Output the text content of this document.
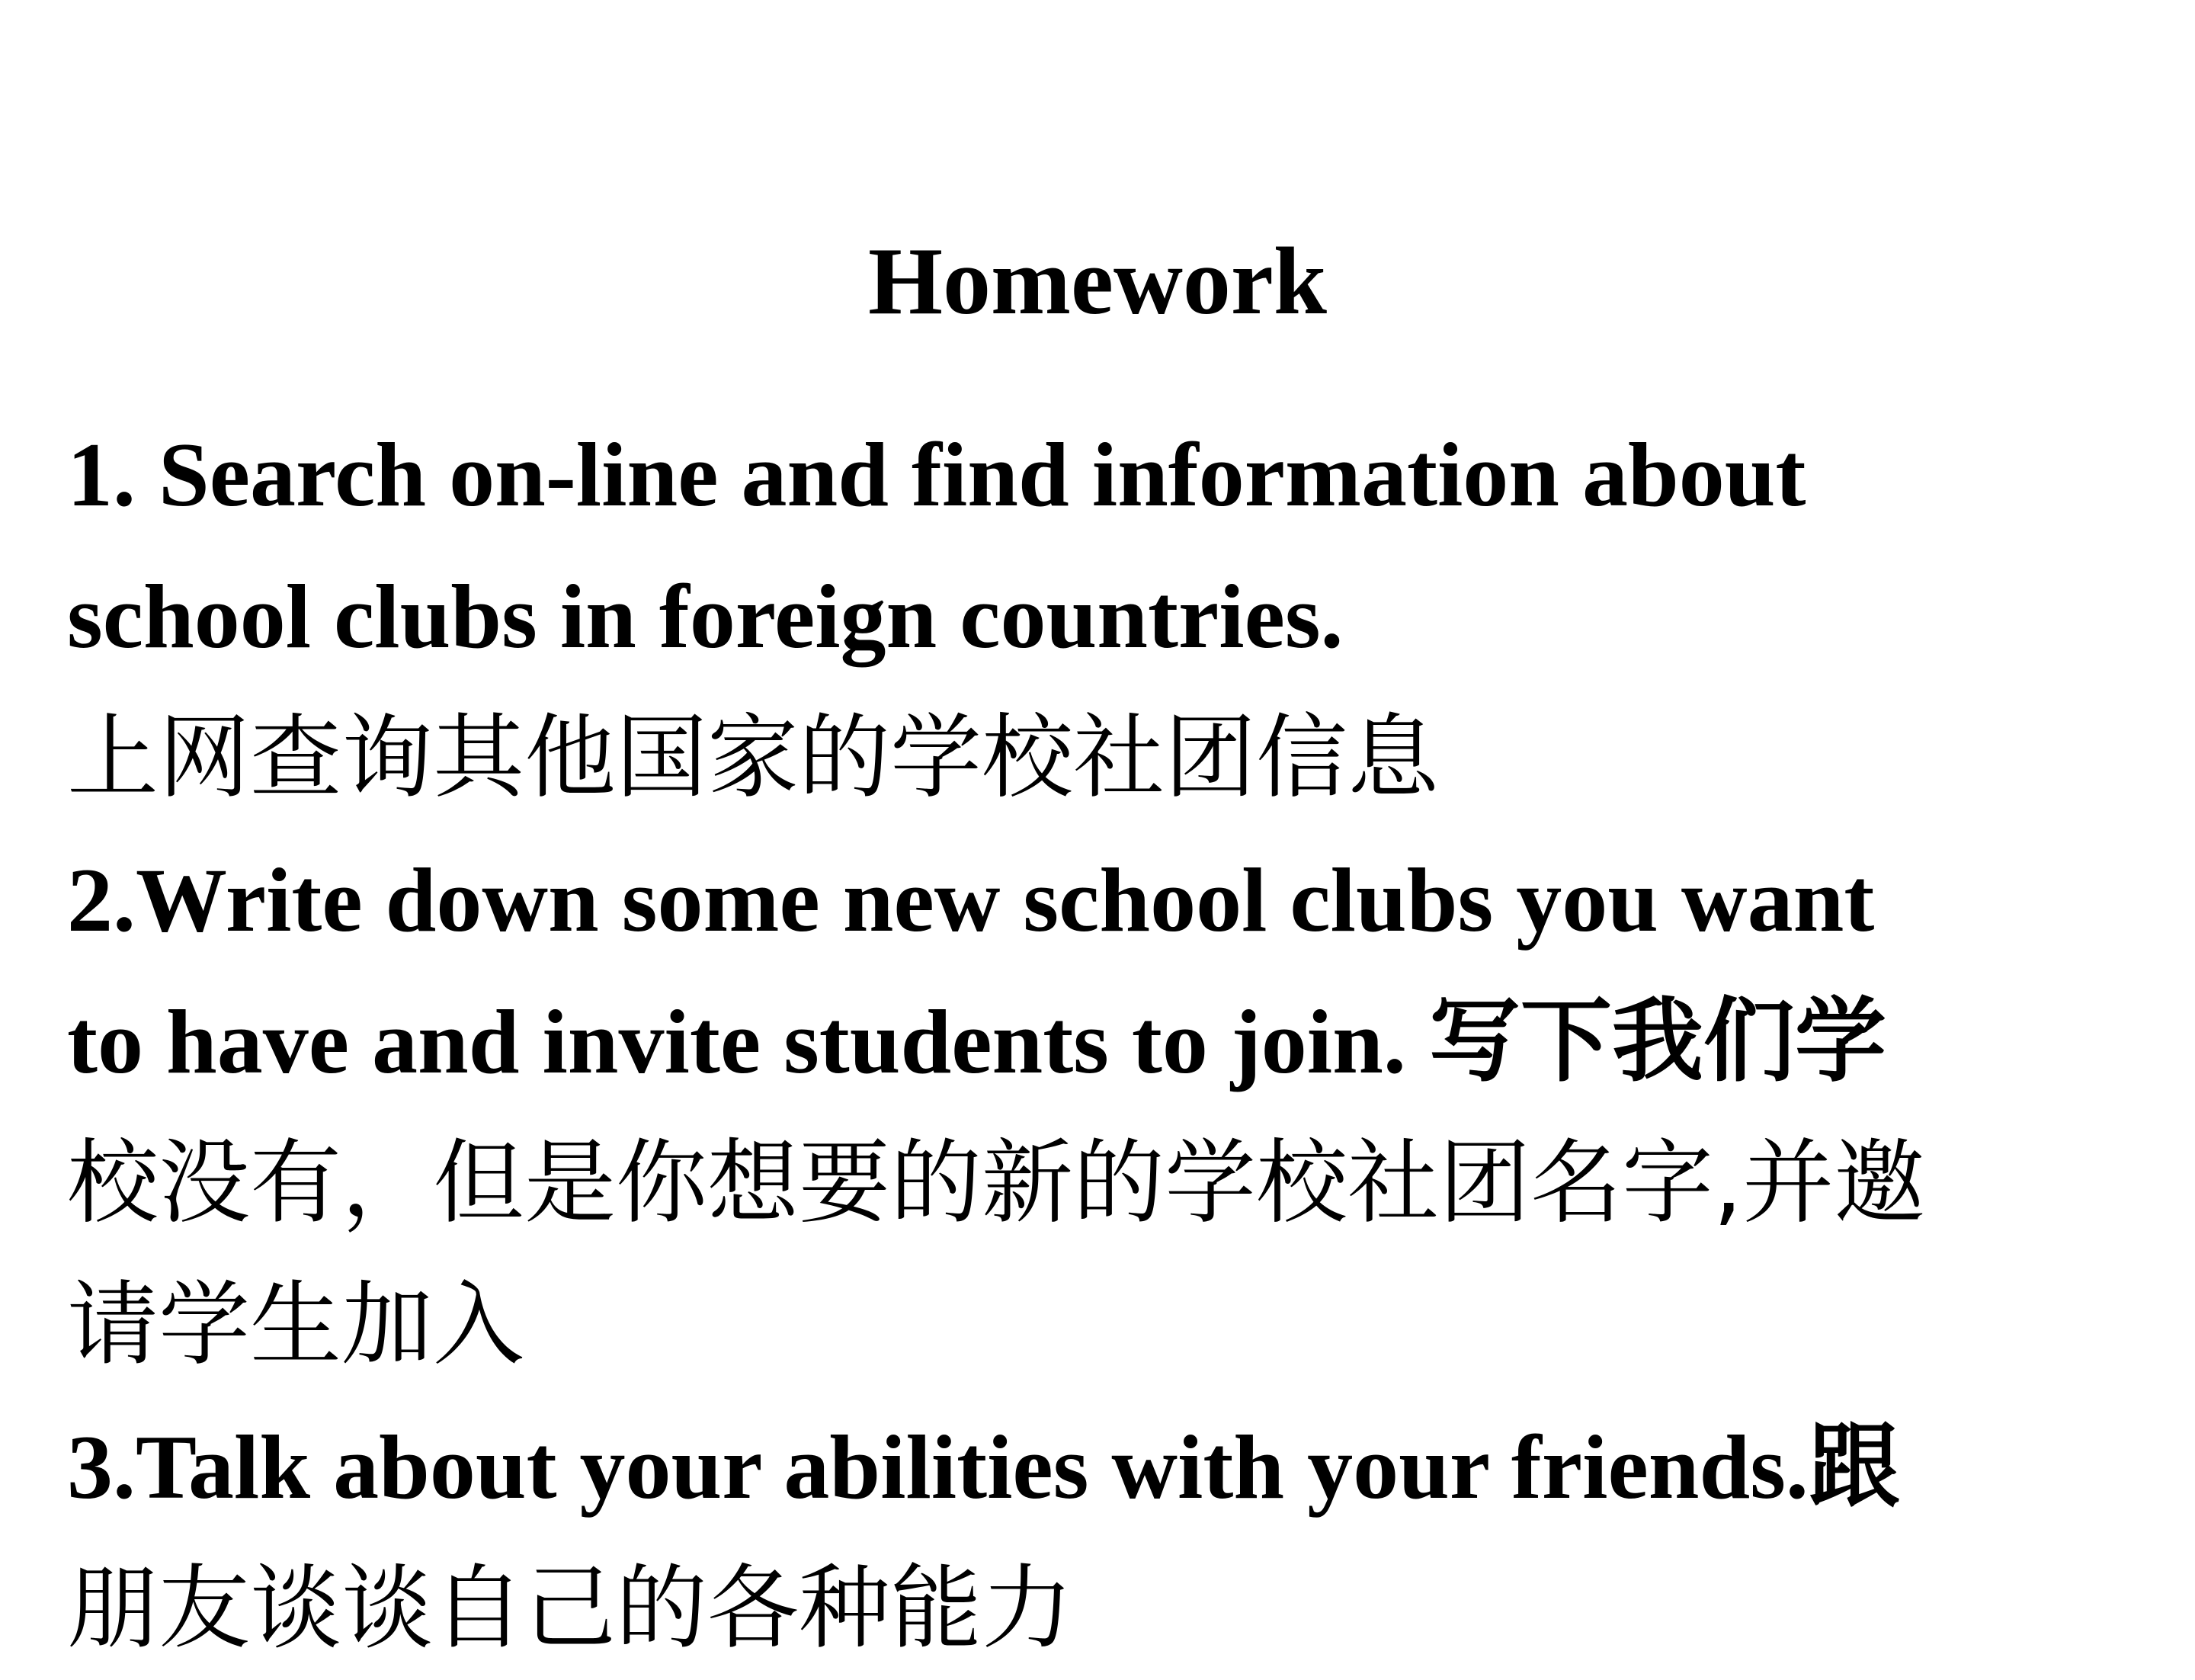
Homework
1. Search on-line and find information about
school clubs in foreign countries.
上网查询其他国家的学校社团信息
2.Write down some new school clubs you want
to have and invite students to join. 写下我们学
校没有，但是你想要的新的学校社团名字,并邀
请学生加入
3.Talk about your abilities with your friends.跟
朋友谈谈自己的各种能力
